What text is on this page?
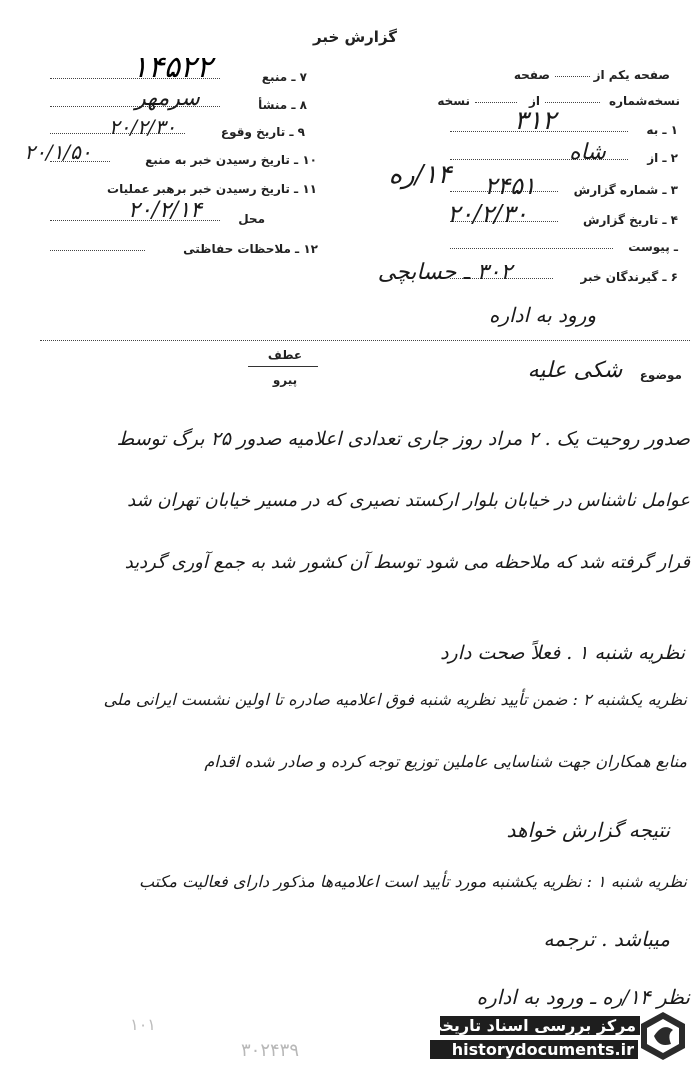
گزارش خبر
۷ ـ منبع
۸ ـ منشأ
۹ ـ تاریخ وقوع
۱۰ ـ تاریخ رسیدن خبر به منبع
۱۱ ـ تاریخ رسیدن خبر برهبر عملیات
محل
۱۲ ـ ملاحظات حفاظتی
صفحه یکم از
صفحه
نسخه‌شماره
از
نسخه
۱ ـ به
۲ ـ از
۳ ـ شماره گزارش
۴ ـ تاریخ گزارش
ـ پیوست
۶ ـ گیرندگان خبر
عطف
پیرو	موضوع
۱۴۵۲۲
سرمهر
۲۰/۲/۳۰
۲۰/۱/۵۰
۲۰/۲/۱۴
۳۱۲
شاه
۲۴۵۱
۱۴/ره
۲۰/۲/۳۰
۳۰۲ ـ حسابچی
ورود به اداره
شکی علیه
صدور روحیت یک . ۲ مراد روز جاری تعدادی اعلامیه صدور ۲۵ برگ توسط
عوامل ناشناس در خیابان بلوار ارکستد نصیری که در مسیر خیابان تهران شد
قرار گرفته شد که ملاحظه می شود توسط آن کشور شد به جمع آوری گردید
نظریه شنبه ۱ . فعلاً صحت دارد
نظریه یکشنبه ۲ : ضمن تأیید نظریه شنبه فوق اعلامیه صادره تا اولین نشست ایرانی ملی
منابع همکاران جهت شناسایی عاملین توزیع توجه کرده و صادر شده اقدام
نتیجه گزارش خواهد
نظریه شنبه ۱ : نظریه یکشنبه مورد تأیید است اعلامیه‌ها مذکور دارای فعالیت مکتب
میباشد . ترجمه
نظر ۱۴/ره ـ ورود به اداره
۳۰۲۴۳۹
۱۰۱	مرکز بررسی اسناد تاریخی
historydocuments.ir
